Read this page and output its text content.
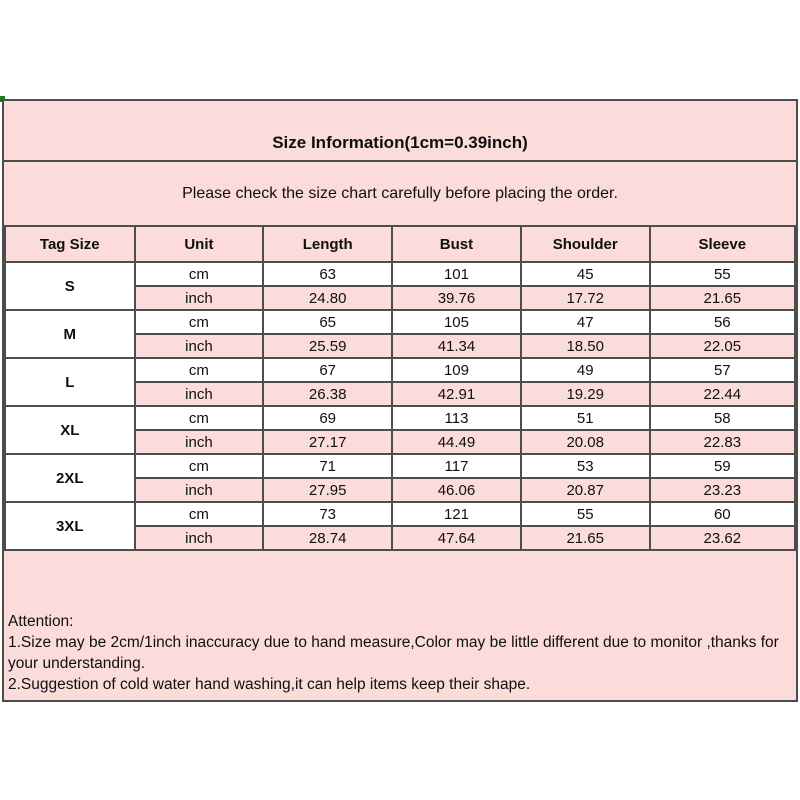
Size Information(1cm=0.39inch)
Please check the size chart carefully before placing the order.
Tag Size	Unit	Length	Bust	Shoulder	Sleeve
S	cm	63	101	45	55
	inch	24.80	39.76	17.72	21.65
M	cm	65	105	47	56
	inch	25.59	41.34	18.50	22.05
L	cm	67	109	49	57
	inch	26.38	42.91	19.29	22.44
XL	cm	69	113	51	58
	inch	27.17	44.49	20.08	22.83
2XL	cm	71	117	53	59
	inch	27.95	46.06	20.87	23.23
3XL	cm	73	121	55	60
	inch	28.74	47.64	21.65	23.62
Attention:
1.Size may be 2cm/1inch inaccuracy due to hand measure,Color may be little different due to monitor ,thanks for your understanding.
2.Suggestion of cold water hand washing,it can help items keep their shape.
